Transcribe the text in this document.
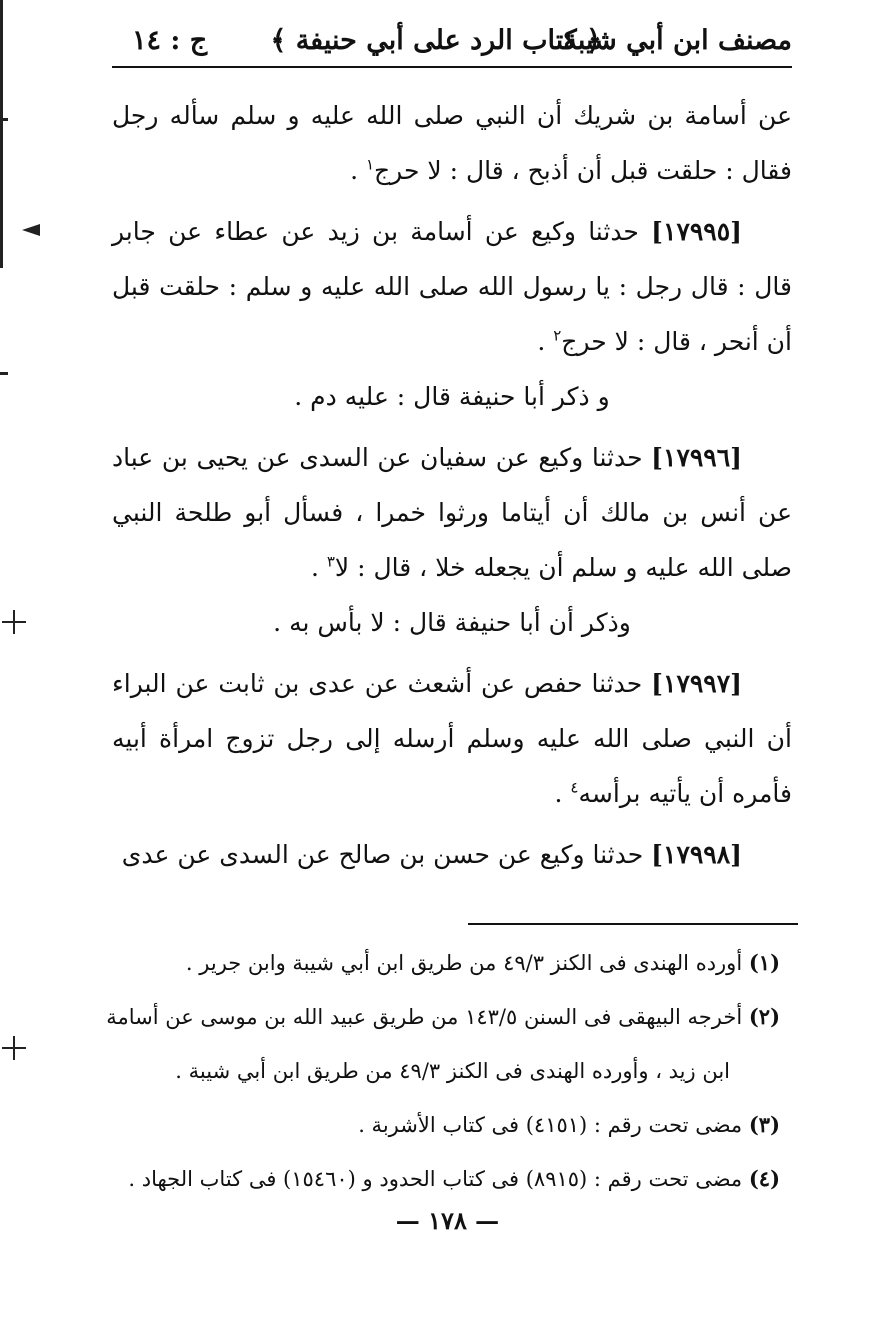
مصنف ابن أبي شيبة
﴿ كتاب الرد على أبي حنيفة ﴾
ج : ١٤

عن أسامة بن شريك أن النبي صلى الله عليه و سلم سأله رجل فقال : حلقت قبل أن أذبح ، قال : لا حرج$^١$ .

[١٧٩٩٥] حدثنا وكيع عن أسامة بن زيد عن عطاء عن جابر قال : قال رجل : يا رسول الله صلى الله عليه و سلم : حلقت قبل أن أنحر ، قال : لا حرج$^٢$ .

و ذكر أبا حنيفة قال : عليه دم .

[١٧٩٩٦] حدثنا وكيع عن سفيان عن السدى عن يحيى بن عباد عن أنس بن مالك أن أيتاما ورثوا خمرا ، فسأل أبو طلحة النبي صلى الله عليه و سلم أن يجعله خلا ، قال : لا$^٣$ .

وذكر أن أبا حنيفة قال : لا بأس به .

[١٧٩٩٧] حدثنا حفص عن أشعث عن عدى بن ثابت عن البراء أن النبي صلى الله عليه وسلم أرسله إلى رجل تزوج امرأة أبيه فأمره أن يأتيه برأسه$^٤$ .

[١٧٩٩٨] حدثنا وكيع عن حسن بن صالح عن السدى عن عدى

(١) أورده الهندى فى الكنز ٤٩/٣ من طريق ابن أبي شيبة وابن جرير .

(٢) أخرجه البيهقى فى السنن ١٤٣/٥ من طريق عبيد الله بن موسى عن أسامة

ابن زيد ، وأورده الهندى فى الكنز ٤٩/٣ من طريق ابن أبي شيبة .

(٣) مضى تحت رقم : (٤١٥١) فى كتاب الأشربة .

(٤) مضى تحت رقم : (٨٩١٥) فى كتاب الحدود و (١٥٤٦٠) فى كتاب الجهاد .

— ١٧٨ —
